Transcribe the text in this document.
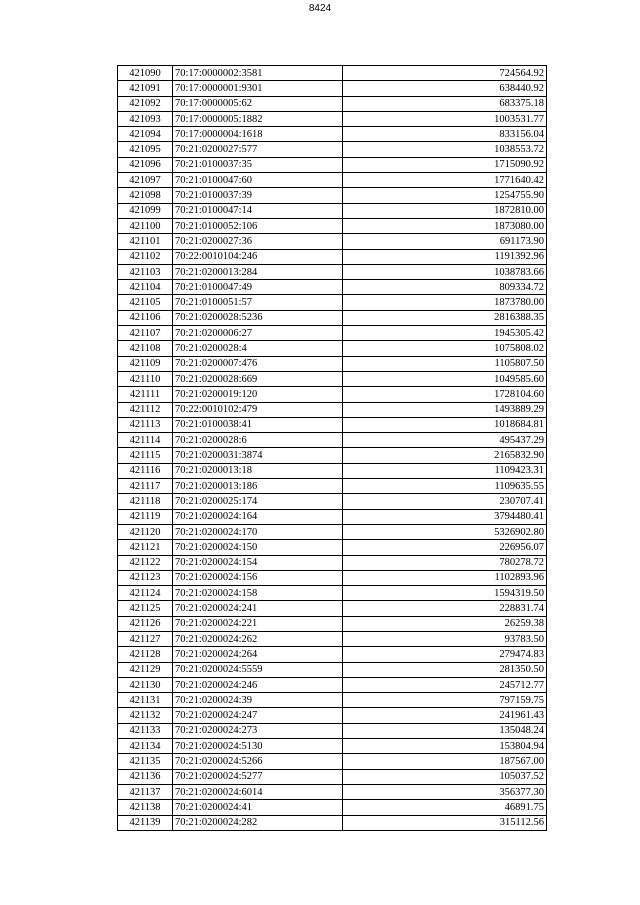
8424
421090	70:17:0000002:3581	724564.92
421091	70:17:0000001:9301	638440.92
421092	70:17:0000005:62	683375.18
421093	70:17:0000005:1882	1003531.77
421094	70:17:0000004:1618	833156.04
421095	70:21:0200027:577	1038553.72
421096	70:21:0100037:35	1715090.92
421097	70:21:0100047:60	1771640.42
421098	70:21:0100037:39	1254755.90
421099	70:21:0100047:14	1872810.00
421100	70:21:0100052:106	1873080.00
421101	70:21:0200027:36	691173.90
421102	70:22:0010104:246	1191392.96
421103	70:21:0200013:284	1038783.66
421104	70:21:0100047:49	809334.72
421105	70:21:0100051:57	1873780.00
421106	70:21:0200028:5236	2816388.35
421107	70:21:0200006:27	1945305.42
421108	70:21:0200028:4	1075808.02
421109	70:21:0200007:476	1105807.50
421110	70:21:0200028:669	1049585.60
421111	70:21:0200019:120	1728104.60
421112	70:22:0010102:479	1493889.29
421113	70:21:0100038:41	1018684.81
421114	70:21:0200028:6	495437.29
421115	70:21:0200031:3874	2165832.90
421116	70:21:0200013:18	1109423.31
421117	70:21:0200013:186	1109635.55
421118	70:21:0200025:174	230707.41
421119	70:21:0200024:164	3794480.41
421120	70:21:0200024:170	5326902.80
421121	70:21:0200024:150	226956.07
421122	70:21:0200024:154	780278.72
421123	70:21:0200024:156	1102893.96
421124	70:21:0200024:158	1594319.50
421125	70:21:0200024:241	228831.74
421126	70:21:0200024:221	26259.38
421127	70:21:0200024:262	93783.50
421128	70:21:0200024:264	279474.83
421129	70:21:0200024:5559	281350.50
421130	70:21:0200024:246	245712.77
421131	70:21:0200024:39	797159.75
421132	70:21:0200024:247	241961.43
421133	70:21:0200024:273	135048.24
421134	70:21:0200024:5130	153804.94
421135	70:21:0200024:5266	187567.00
421136	70:21:0200024:5277	105037.52
421137	70:21:0200024:6014	356377.30
421138	70:21:0200024:41	46891.75
421139	70:21:0200024:282	315112.56
